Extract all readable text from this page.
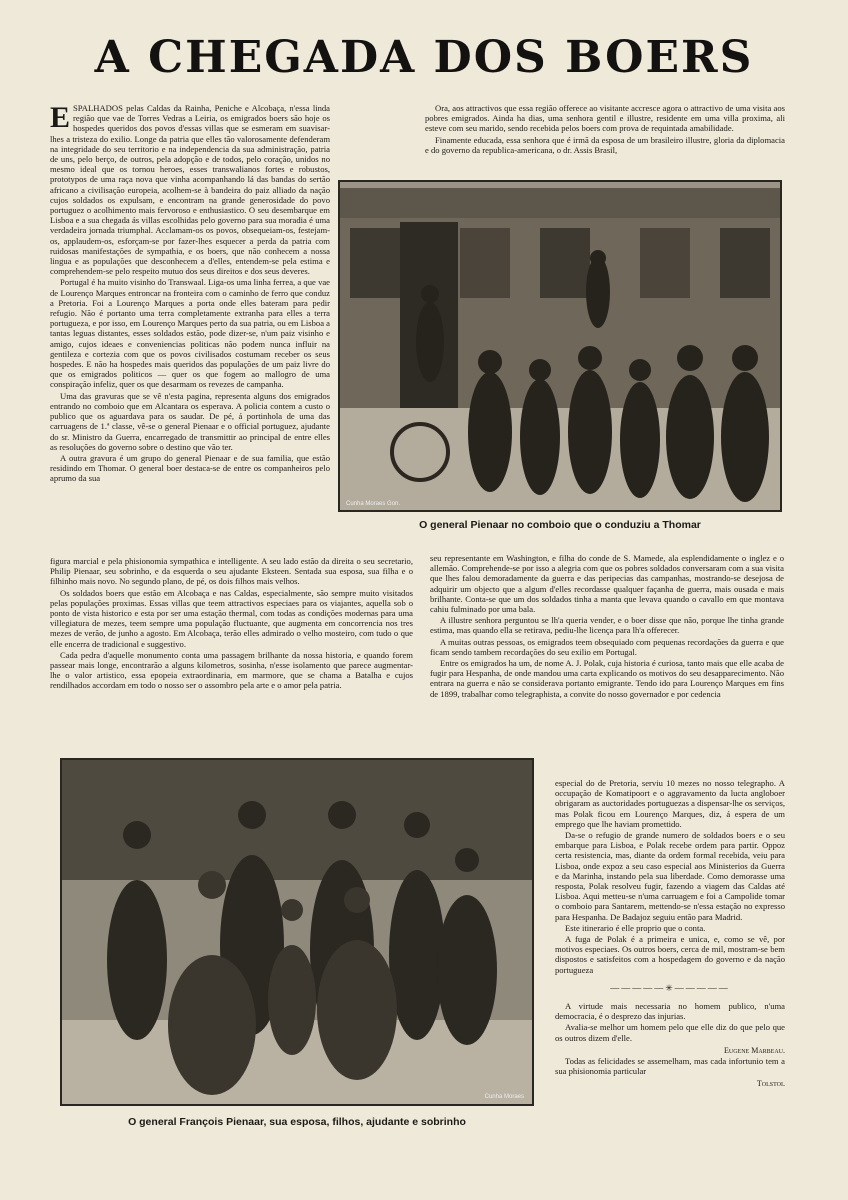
A CHEGADA DOS BOERS

ESPALHADOS pelas Caldas da Rainha, Peniche e Alcobaça, n'essa linda região que vae de Torres Vedras a Leiria, os emigrados boers são hoje os hospedes queridos dos povos d'essas villas que se esmeram em suavisar-lhes a tristeza do exilio. Longe da patria que elles tão valorosamente defenderam na integridade do seu territorio e na independencia da sua administração, patria de uns, pelo berço, de outros, pela adopção e de todos, pelo coração, unidos no mesmo ideal que os tornou heroes, esses transwalianos fortes e robustos, prototypos de uma raça nova que vinha acompanhando lá das bandas do sertão africano a civilisação europeia, acolhem-se à bandeira do paiz alliado da nação cujos soldados os expulsam, e encontram na grande generosidade do povo portuguez o acolhimento mais fervoroso e enthusiastico. O seu desembarque em Lisboa e a sua chegada ás villas escolhidas pelo governo para sua moradia é uma verdadeira jornada triumphal. Acclamam-os os povos, obsequeiam-os, festejam-os, applaudem-os, esforçam-se por fazer-lhes esquecer a perda da patria com ruidosas manifestações de sympathia, e os boers, que não conhecem a nossa lingua e as populações que desconhecem a d'elles, entendem-se pela estima e comprehendem-se pelo respeito mutuo dos seus direitos e dos seus deveres.

Portugal é ha muito visinho do Transwaal. Liga-os uma linha ferrea, a que vae de Lourenço Marques entroncar na fronteira com o caminho de ferro que conduz a Pretoria. Foi a Lourenço Marques a porta onde elles bateram para pedir refugio. Não é portanto uma terra completamente extranha para elles a terra portugueza, e por isso, em Lourenço Marques perto da sua patria, ou em Lisboa a tantas leguas distantes, esses soldados estão, pode dizer-se, n'um paiz visinho e amigo, cujos ideaes e conveniencias politicas não podem nunca influir na gentileza e cortezia com que os povos civilisados costumam receber os seus hospedes. E não ha hospedes mais queridos das populações de um paiz livre do que os emigrados politicos — quer os que fogem ao mallogro de uma conspiração infeliz, quer os que desarmam os revezes de campanha.

Uma das gravuras que se vê n'esta pagina, representa alguns dos emigrados entrando no comboio que em Alcantara os esperava. A policia contem a custo o publico que os aguardava para os saudar. De pé, á portinhola de uma das carruagens de 1.ª classe, vê-se o general Pienaar e o official portuguez, ajudante do sr. Ministro da Guerra, encarregado de transmittir ao principal de entre elles as resoluções do governo sobre o destino que vão ter.

A outra gravura é um grupo do general Pienaar e de sua familia, que estão residindo em Thomar. O general boer destaca-se de entre os companheiros pelo aprumo da sua

Ora, aos attractivos que essa região offerece ao visitante accresce agora o attractivo de uma visita aos pobres emigrados. Ainda ha dias, uma senhora gentil e illustre, residente em uma villa proxima, ali esteve com seu marido, sendo recebida pelos boers com prova de requintada amabilidade.

Finamente educada, essa senhora que é irmã da esposa de um brasileiro illustre, gloria da diplomacia e do governo da republica-americana, o dr. Assis Brasil,

Cunha Moraes Gon.
O general Pienaar no comboio que o conduziu a Thomar

figura marcial e pela phisionomia sympathica e intelligente. A seu lado estão da direita o seu secretario, Philip Pienaar, seu sobrinho, e da esquerda o seu ajudante Eksteen. Sentada sua esposa, sua filha e o filhinho mais novo. No segundo plano, de pé, os dois filhos mais velhos.

Os soldados boers que estão em Alcobaça e nas Caldas, especialmente, são sempre muito visitados pelas populações proximas. Essas villas que teem attractivos especiaes para os viajantes, aquella sob o ponto de vista historico e esta por ser uma estação thermal, com todas as condições modernas para uma villegiatura de mezes, teem sempre uma população fluctuante, que augmenta em concorrencia nos tres mezes de verão, de junho a agosto. Em Alcobaça, terão elles admirado o velho mosteiro, com tudo o que elle encerra de tradicional e suggestivo.

Cada pedra d'aquelle monumento conta uma passagem brilhante da nossa historia, e quando forem passear mais longe, encontrarão a alguns kilometros, sosinha, n'esse isolamento que parece augmentar-lhe o valor artistico, essa epopeia extraordinaria, em marmore, que se chama a Batalha e cujos rendilhados accordam em todo o nosso ser o assombro pela arte e o amor pela patria.

seu representante em Washington, e filha do conde de S. Mamede, ala esplendidamente o inglez e o allemão. Comprehende-se por isso a alegria com que os pobres soldados conversaram com a sua visita que lhes falou demoradamente da guerra e das peripecias das campanhas, mostrando-se desejosa de adquirir um objecto que a algum d'elles recordasse qualquer façanha de guerra, mais ousada e mais brilhante. Conta-se que um dos soldados tinha a manta que levava quando o cavallo em que montava cahiu fulminado por uma bala.

A illustre senhora perguntou se lh'a queria vender, e o boer disse que não, porque lhe tinha grande estima, mas quando ella se retirava, pediu-lhe licença para lh'a offerecer.

A muitas outras pessoas, os emigrados teem obsequiado com pequenas recordações da guerra e que ficam sendo tambem recordações do seu exilio em Portugal.

Entre os emigrados ha um, de nome A. J. Polak, cuja historia é curiosa, tanto mais que elle acaba de fugir para Hespanha, de onde mandou uma carta explicando os motivos do seu desapparecimento. Não entrara na guerra e não se considerava portanto emigrante. Tendo ido para Lourenço Marques em fins de 1899, trabalhar como telegraphista, a convite do nosso governador e por cedencia

Cunha Moraes
O general François Pienaar, sua esposa, filhos, ajudante e sobrinho

especial do de Pretoria, serviu 10 mezes no nosso telegrapho. A occupação de Komatipoort e o aggravamento da lucta angloboer obrigaram as auctoridades portuguezas a dispensar-lhe os serviços, mas Polak ficou em Lourenço Marques, diz, á espera de um emprego que lhe haviam promettido.

Da-se o refugio de grande numero de soldados boers e o seu embarque para Lisboa, e Polak recebe ordem para partir. Oppoz certa resistencia, mas, diante da ordem formal recebida, veiu para Lisboa, onde expoz a seu caso especial aos Ministerios da Guerra e da Marinha, instando pela sua liberdade. Como demorasse uma resposta, Polak resolveu fugir, fazendo a viagem das Caldas até Lisboa. Aqui metteu-se n'uma carruagem e foi a Campolide tomar o comboio para Santarem, mettendo-se n'essa estação no expresso para Hespanha. De Badajoz seguiu então para Madrid.

Este itinerario é elle proprio que o conta.

A fuga de Polak é a primeira e unica, e, como se vê, por motivos especiaes. Os outros boers, cerca de mil, mostram-se bem dispostos e satisfeitos com a hospedagem do governo e da nação portugueza

—————✳—————

A virtude mais necessaria no homem publico, n'uma democracia, é o desprezo das injurias.

Avalia-se melhor um homem pelo que elle diz do que pelo que os outros dizem d'elle.

Eugene Marbeau.

Todas as felicidades se assemelham, mas cada infortunio tem a sua phisionomia particular

Tolstoi.
